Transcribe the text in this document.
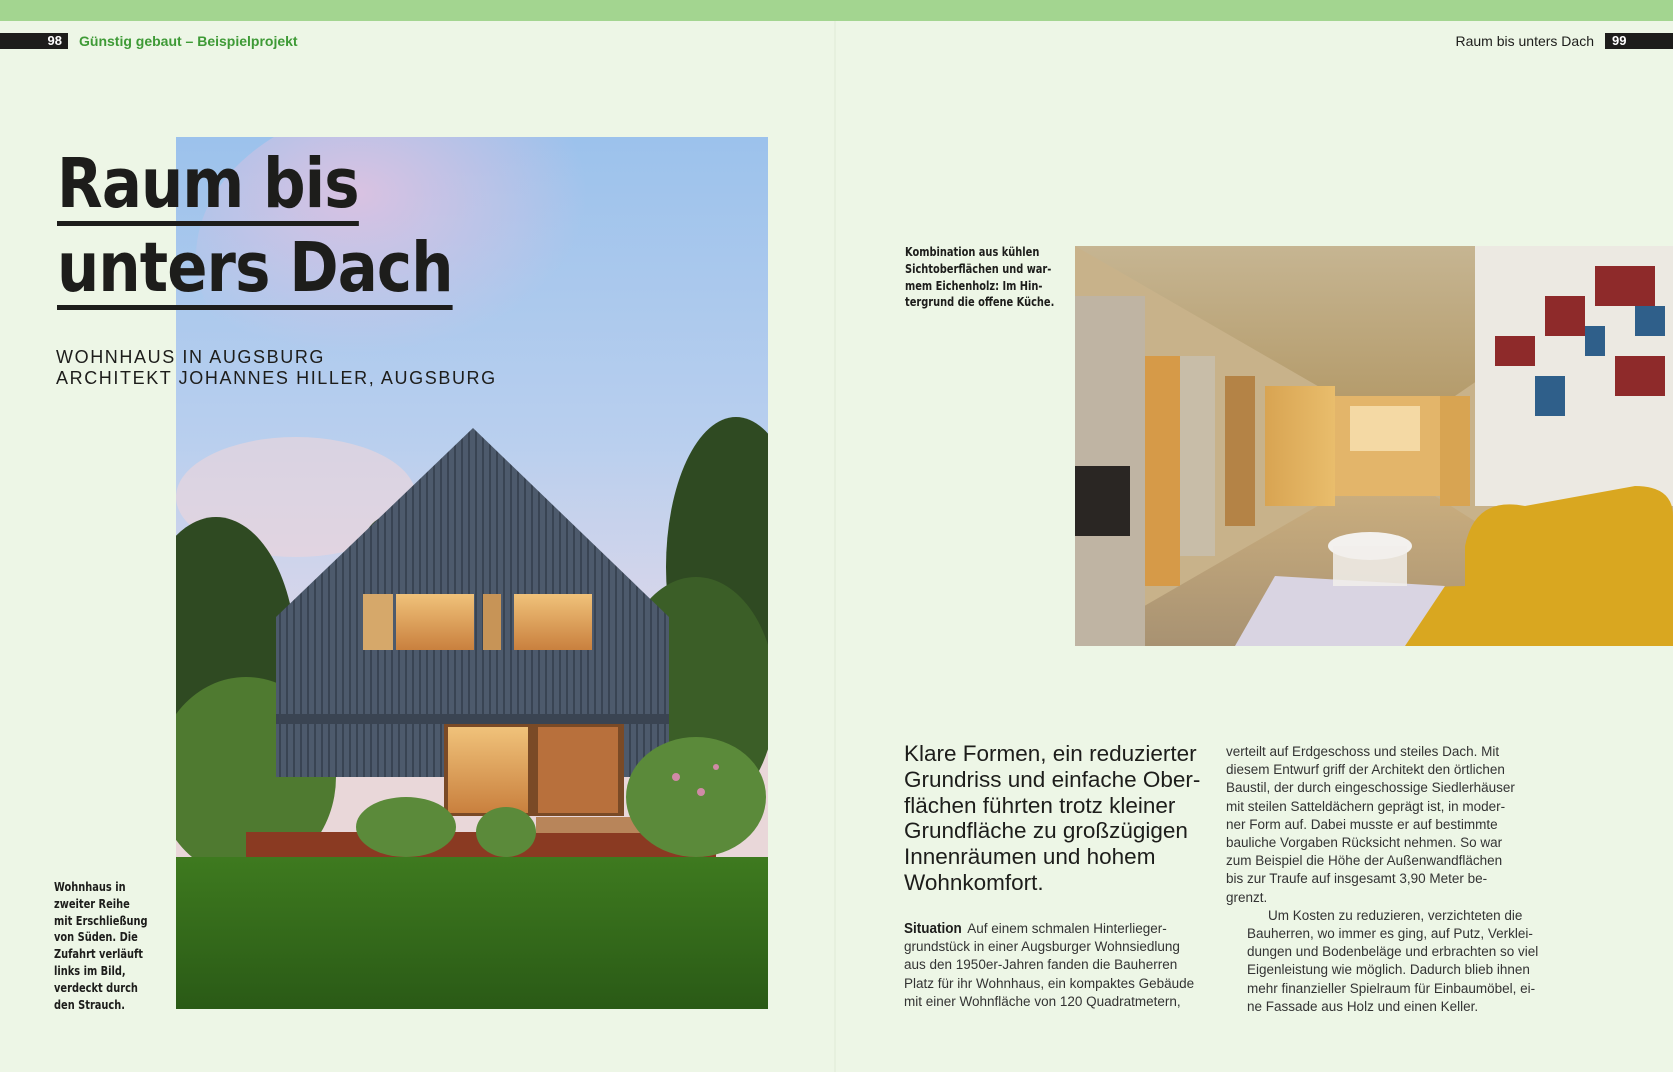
98	Günstig gebaut – Beispielprojekt	Raum bis unters Dach	99
Raum bis
unters Dach
WOHNHAUS IN AUGSBURG
ARCHITEKT JOHANNES HILLER, AUGSBURG
Wohnhaus in
zweiter Reihe
mit Erschließung
von Süden. Die
Zufahrt verläuft
links im Bild,
verdeckt durch
den Strauch.
Kombination aus kühlen
Sichtoberflächen und war-
mem Eichenholz: Im Hin-
tergrund die offene Küche.
Klare Formen, ein reduzierter
Grundriss und einfache Ober-
flächen führten trotz kleiner
Grundfläche zu großzügigen
Innenräumen und hohem
Wohnkomfort.
Situation Auf einem schmalen Hinterlieger-
grundstück in einer Augsburger Wohnsiedlung
aus den 1950er-Jahren fanden die Bauherren
Platz für ihr Wohnhaus, ein kompaktes Gebäude
mit einer Wohnfläche von 120 Quadratmetern,

verteilt auf Erdgeschoss und steiles Dach. Mit
diesem Entwurf griff der Architekt den örtlichen
Baustil, der durch eingeschossige Siedlerhäuser
mit steilen Satteldächern geprägt ist, in moder-
ner Form auf. Dabei musste er auf bestimmte
bauliche Vorgaben Rücksicht nehmen. So war
zum Beispiel die Höhe der Außenwandflächen
bis zur Traufe auf insgesamt 3,90 Meter be-
grenzt.

Um Kosten zu reduzieren, verzichteten die
Bauherren, wo immer es ging, auf Putz, Verklei-
dungen und Bodenbeläge und erbrachten so viel
Eigenleistung wie möglich. Dadurch blieb ihnen
mehr finanzieller Spielraum für Einbaumöbel, ei-
ne Fassade aus Holz und einen Keller.
